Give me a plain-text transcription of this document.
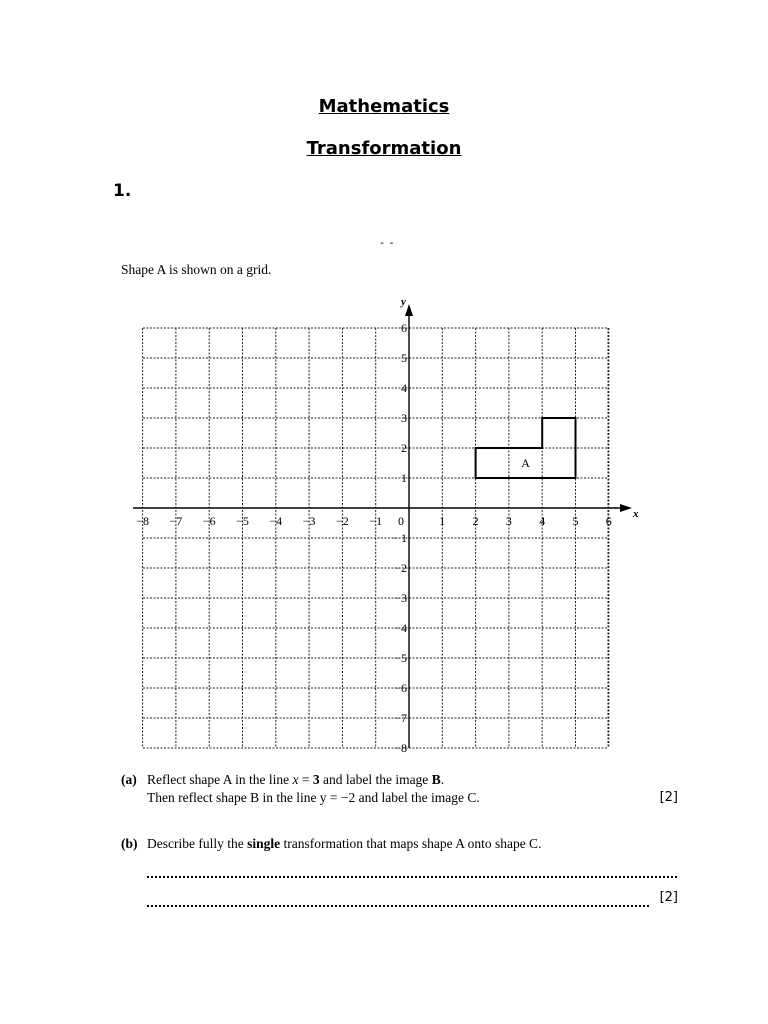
Mathematics
Transformation
1.
- -
Shape A is shown on a grid.
x
y
0
−8 −7 −6 −5 −4 −3 −2 −1	1 2 3 4 5 6
6
5
4
3
2
1
− 1
−2
−3
−4
−5
−6
−7
−8
A
(a) Reflect shape A in the line x = 3 and label the image B.
Then reflect shape B in the line y = −2 and label the image C.	[2]
(b) Describe fully the single transformation that maps shape A onto shape C.
[2]
